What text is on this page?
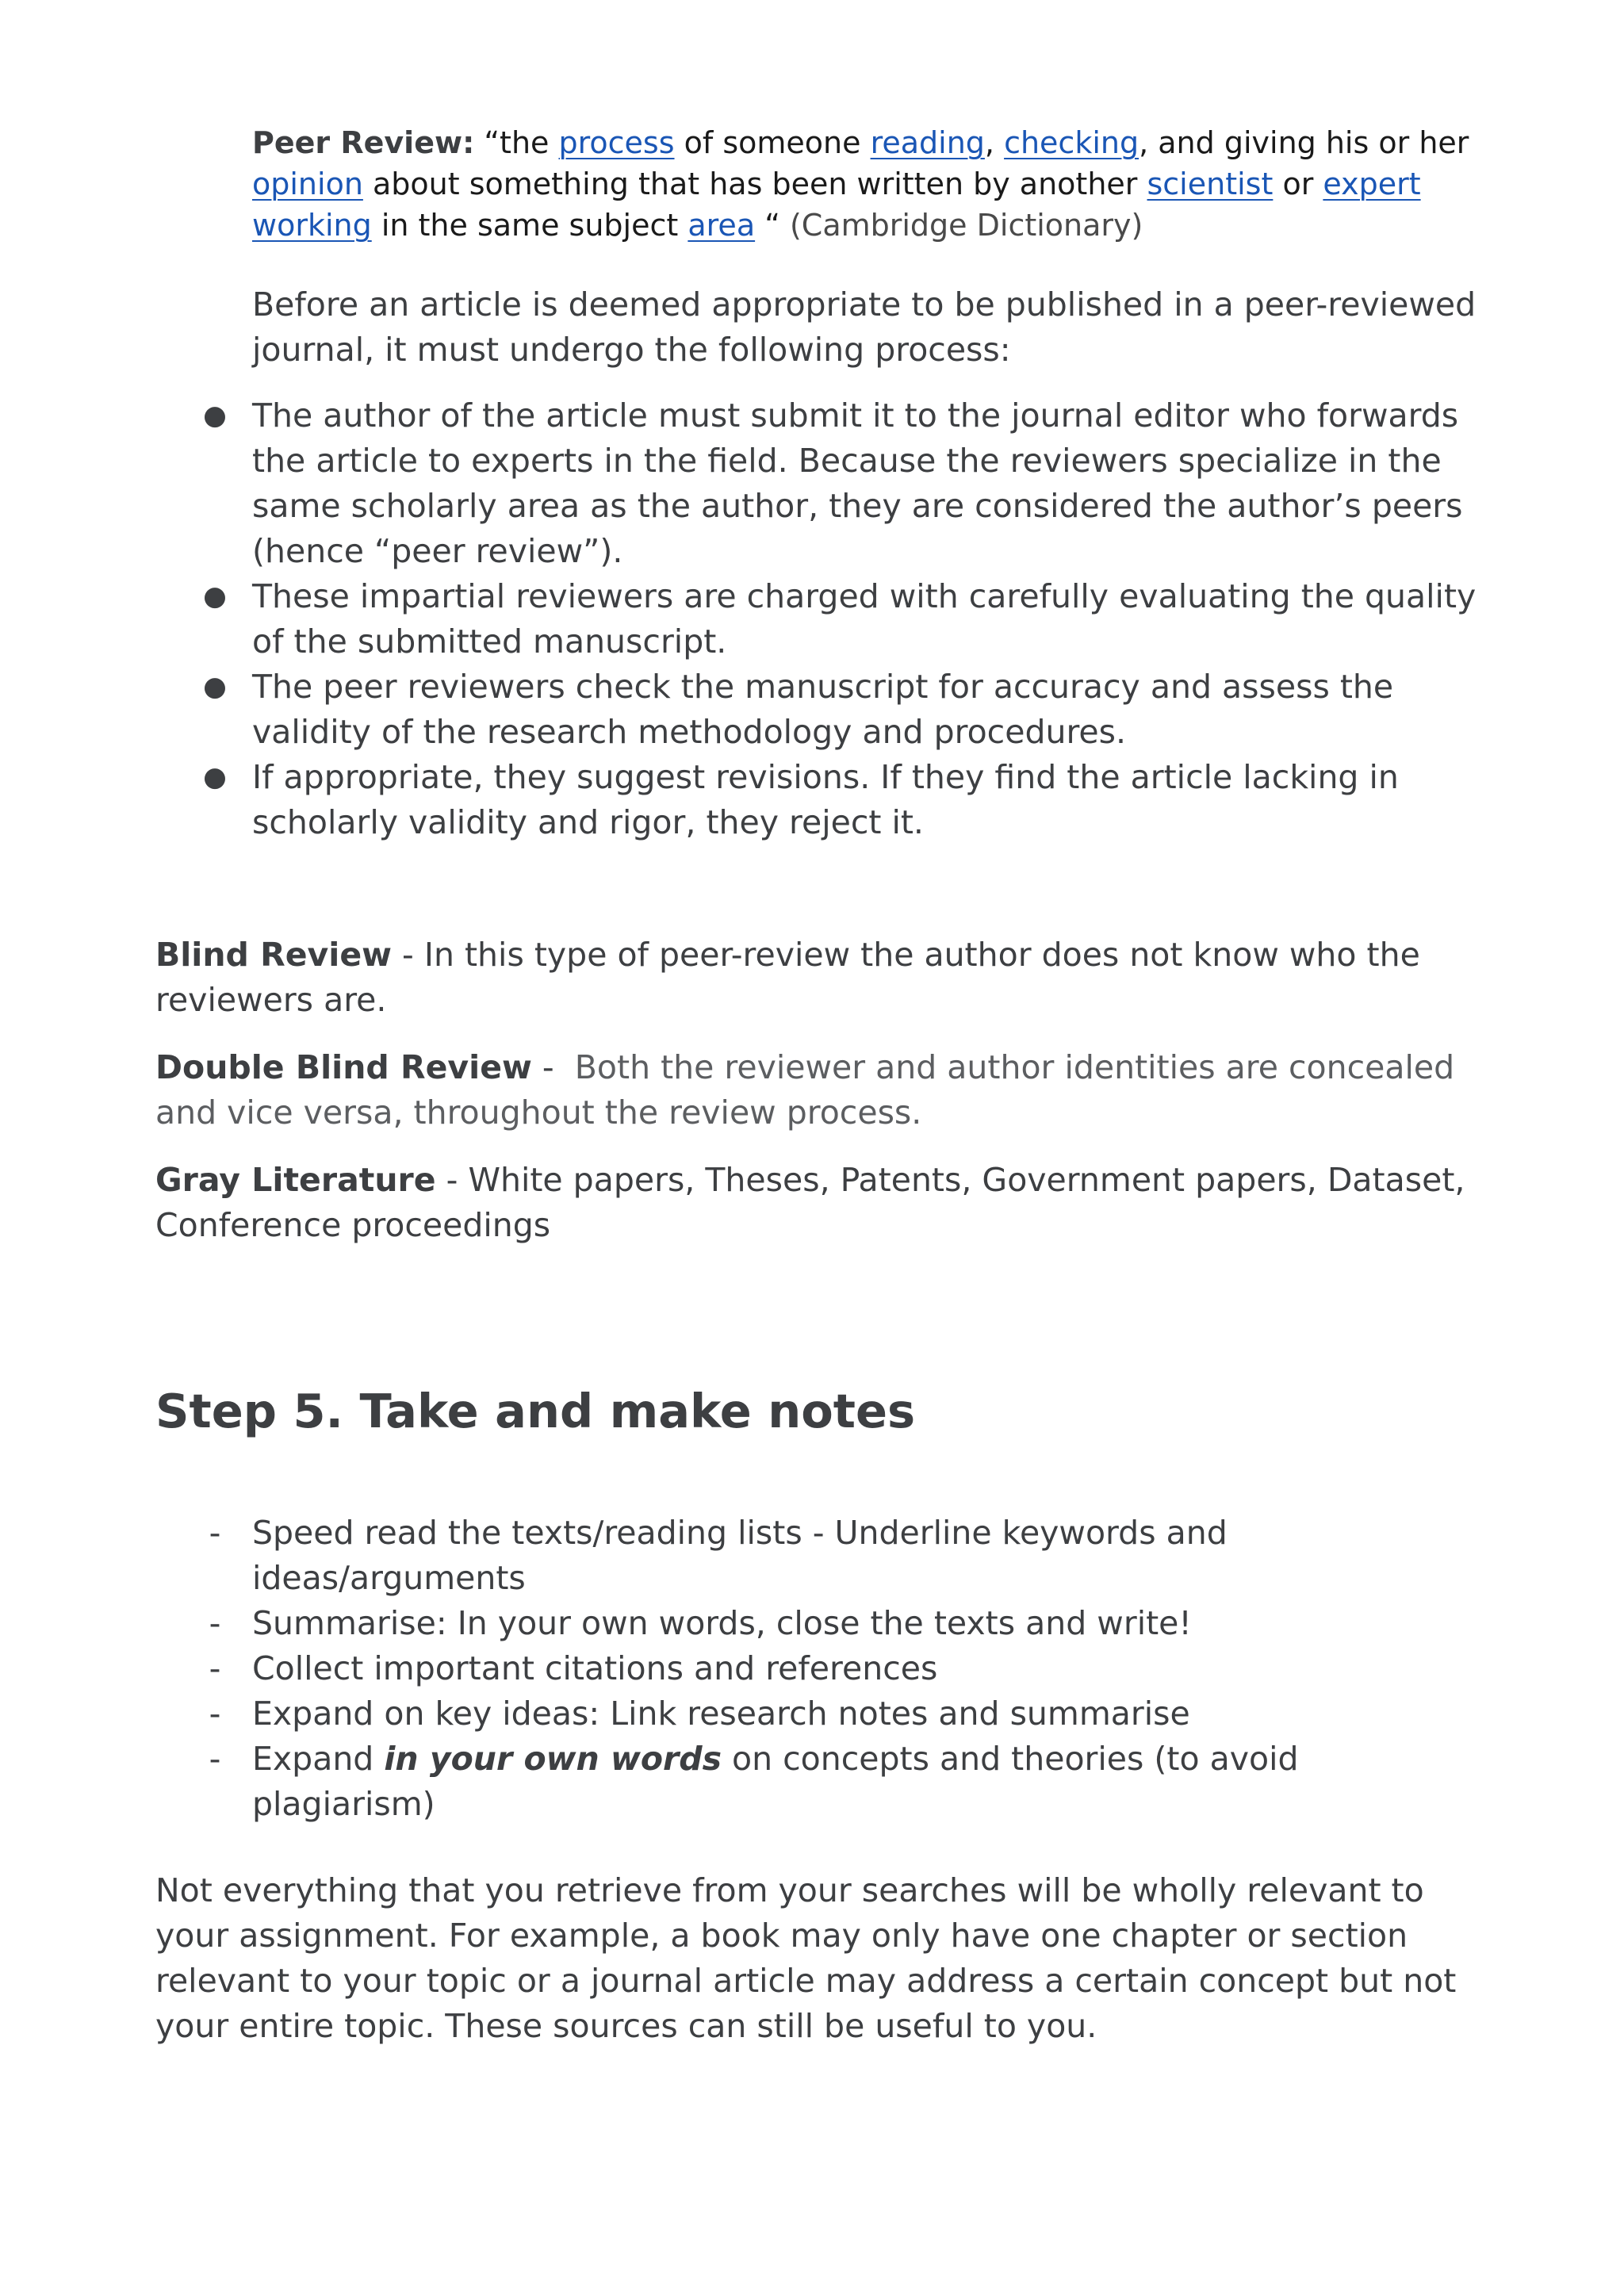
Peer Review: “the process of someone reading, checking, and giving his or her opinion about something that has been written by another scientist or expert working in the same subject area “ (Cambridge Dictionary)

Before an article is deemed appropriate to be published in a peer-reviewed journal, it must undergo the following process:

● The author of the article must submit it to the journal editor who forwards the article to experts in the field. Because the reviewers specialize in the same scholarly area as the author, they are considered the author’s peers (hence “peer review”).
● These impartial reviewers are charged with carefully evaluating the quality of the submitted manuscript.
● The peer reviewers check the manuscript for accuracy and assess the validity of the research methodology and procedures.
● If appropriate, they suggest revisions. If they find the article lacking in scholarly validity and rigor, they reject it.

Blind Review - In this type of peer-review the author does not know who the reviewers are.

Double Blind Review -  Both the reviewer and author identities are concealed and vice versa, throughout the review process.

Gray Literature - White papers, Theses, Patents, Government papers, Dataset, Conference proceedings

Step 5. Take and make notes
- Speed read the texts/reading lists - Underline keywords and ideas/arguments
- Summarise: In your own words, close the texts and write!
- Collect important citations and references
- Expand on key ideas: Link research notes and summarise
- Expand in your own words on concepts and theories (to avoid plagiarism)

Not everything that you retrieve from your searches will be wholly relevant to your assignment. For example, a book may only have one chapter or section relevant to your topic or a journal article may address a certain concept but not your entire topic. These sources can still be useful to you.
